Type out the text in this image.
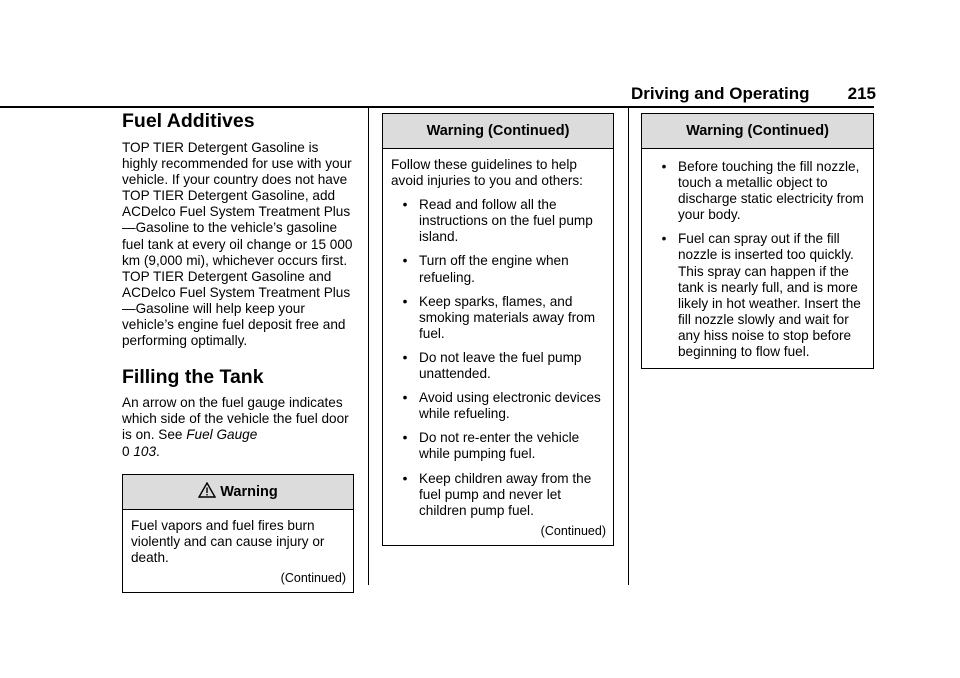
Driving and Operating 215
Fuel Additives

TOP TIER Detergent Gasoline is highly recommended for use with your vehicle. If your country does not have TOP TIER Detergent Gasoline, add ACDelco Fuel System Treatment Plus—Gasoline to the vehicle’s gasoline fuel tank at every oil change or 15 000 km (9,000 mi), whichever occurs first. TOP TIER Detergent Gasoline and ACDelco Fuel System Treatment Plus—Gasoline will help keep your vehicle’s engine fuel deposit free and performing optimally.

Filling the Tank

An arrow on the fuel gauge indicates which side of the vehicle the fuel door is on. See Fuel Gauge
0 103.

Warning
Fuel vapors and fuel fires burn violently and can cause injury or death.
(Continued)
Warning (Continued)
Follow these guidelines to help avoid injuries to you and others:
• Read and follow all the instructions on the fuel pump island.
• Turn off the engine when refueling.
• Keep sparks, flames, and smoking materials away from fuel.
• Do not leave the fuel pump unattended.
• Avoid using electronic devices while refueling.
• Do not re-enter the vehicle while pumping fuel.
• Keep children away from the fuel pump and never let children pump fuel.
(Continued)
Warning (Continued)
• Before touching the fill nozzle, touch a metallic object to discharge static electricity from your body.
• Fuel can spray out if the fill nozzle is inserted too quickly. This spray can happen if the tank is nearly full, and is more likely in hot weather. Insert the fill nozzle slowly and wait for any hiss noise to stop before beginning to flow fuel.
